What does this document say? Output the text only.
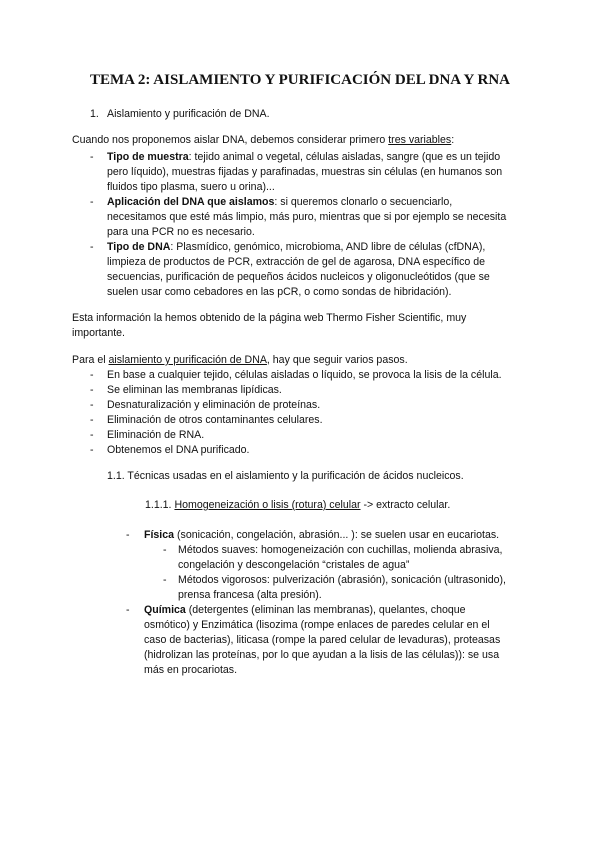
TEMA 2: AISLAMIENTO Y PURIFICACIÓN DEL DNA Y RNA
1. Aislamiento y purificación de DNA.
Cuando nos proponemos aislar DNA, debemos considerar primero tres variables:
- Tipo de muestra: tejido animal o vegetal, células aisladas, sangre (que es un tejido
pero líquido), muestras fijadas y parafinadas, muestras sin células (en humanos son
fluidos tipo plasma, suero u orina)...
- Aplicación del DNA que aislamos: si queremos clonarlo o secuenciarlo,
necesitamos que esté más limpio, más puro, mientras que si por ejemplo se necesita
para una PCR no es necesario.
- Tipo de DNA: Plasmídico, genómico, microbioma, AND libre de células (cfDNA),
limpieza de productos de PCR, extracción de gel de agarosa, DNA específico de
secuencias, purificación de pequeños ácidos nucleicos y oligonucleótidos (que se
suelen usar como cebadores en las pCR, o como sondas de hibridación).
Esta información la hemos obtenido de la página web Thermo Fisher Scientific, muy
importante.
Para el aislamiento y purificación de DNA, hay que seguir varios pasos.
- En base a cualquier tejido, células aisladas o líquido, se provoca la lisis de la célula.
- Se eliminan las membranas lipídicas.
- Desnaturalización y eliminación de proteínas.
- Eliminación de otros contaminantes celulares.
- Eliminación de RNA.
- Obtenemos el DNA purificado.
1.1. Técnicas usadas en el aislamiento y la purificación de ácidos nucleicos.
1.1.1. Homogeneización o lisis (rotura) celular -> extracto celular.
- Física (sonicación, congelación, abrasión... ): se suelen usar en eucariotas.
- Métodos suaves: homogeneización con cuchillas, molienda abrasiva,
congelación y descongelación “cristales de agua”
- Métodos vigorosos: pulverización (abrasión), sonicación (ultrasonido),
prensa francesa (alta presión).
- Química (detergentes (eliminan las membranas), quelantes, choque
osmótico) y Enzimática (lisozima (rompe enlaces de paredes celular en el
caso de bacterias), liticasa (rompe la pared celular de levaduras), proteasas
(hidrolizan las proteínas, por lo que ayudan a la lisis de las células)): se usa
más en procariotas.
